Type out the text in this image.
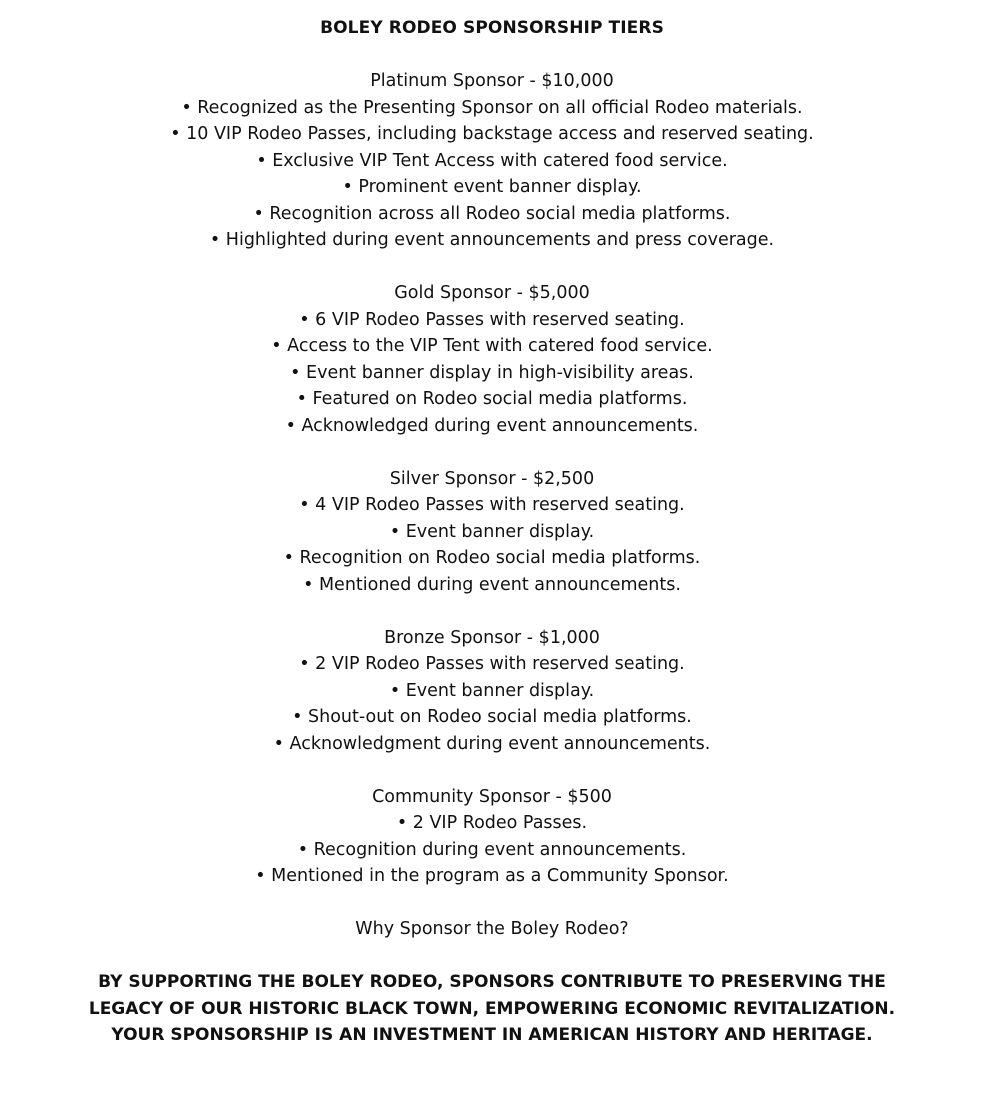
BOLEY RODEO SPONSORSHIP TIERS
Platinum Sponsor - $10,000
• Recognized as the Presenting Sponsor on all official Rodeo materials.
• 10 VIP Rodeo Passes, including backstage access and reserved seating.
• Exclusive VIP Tent Access with catered food service.
• Prominent event banner display.
• Recognition across all Rodeo social media platforms.
• Highlighted during event announcements and press coverage.
Gold Sponsor - $5,000
• 6 VIP Rodeo Passes with reserved seating.
• Access to the VIP Tent with catered food service.
• Event banner display in high-visibility areas.
• Featured on Rodeo social media platforms.
• Acknowledged during event announcements.
Silver Sponsor - $2,500
• 4 VIP Rodeo Passes with reserved seating.
• Event banner display.
• Recognition on Rodeo social media platforms.
• Mentioned during event announcements.
Bronze Sponsor - $1,000
• 2 VIP Rodeo Passes with reserved seating.
• Event banner display.
• Shout-out on Rodeo social media platforms.
• Acknowledgment during event announcements.
Community Sponsor - $500
• 2 VIP Rodeo Passes.
• Recognition during event announcements.
• Mentioned in the program as a Community Sponsor.
Why Sponsor the Boley Rodeo?
BY SUPPORTING THE BOLEY RODEO, SPONSORS CONTRIBUTE TO PRESERVING THE LEGACY OF OUR HISTORIC BLACK TOWN, EMPOWERING ECONOMIC REVITALIZATION. YOUR SPONSORSHIP IS AN INVESTMENT IN AMERICAN HISTORY AND HERITAGE.
